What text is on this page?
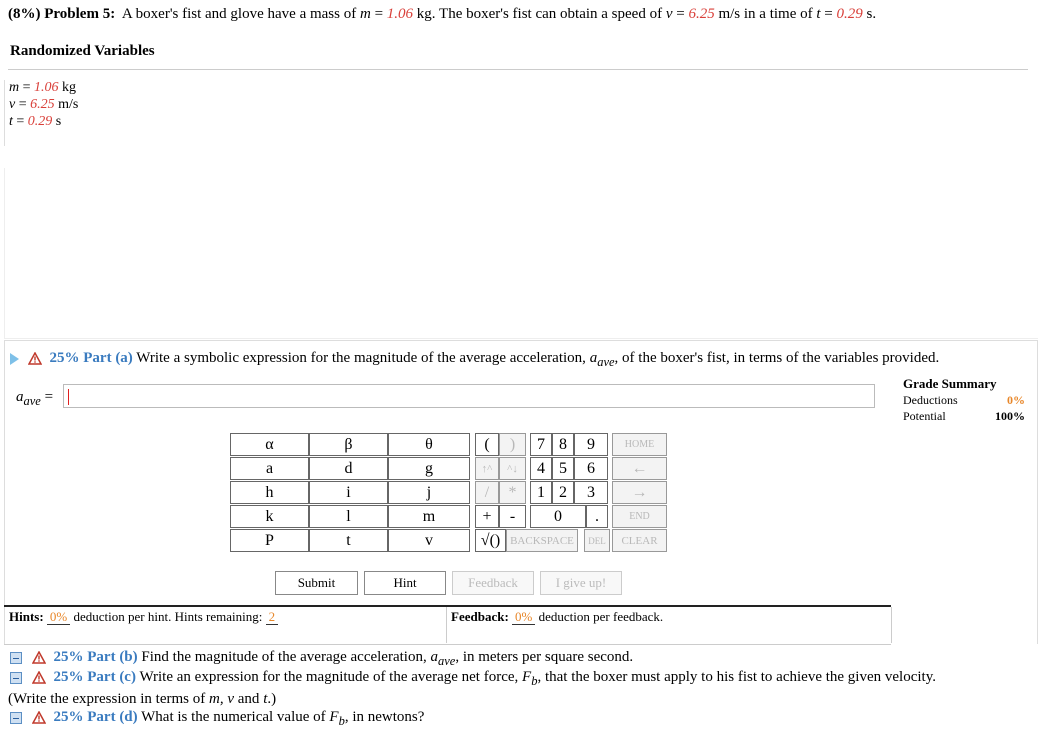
(8%) Problem 5: A boxer's fist and glove have a mass of m = 1.06 kg. The boxer's fist can obtain a speed of v = 6.25 m/s in a time of t = 0.29 s.
Randomized Variables
m = 1.06 kg
v = 6.25 m/s
t = 0.29 s
25% Part (a) Write a symbolic expression for the magnitude of the average acceleration, $a_{ave}$, of the boxer's fist, in terms of the variables provided.
$a_{ave}$ =
Grade Summary
Deductions	0%
Potential	100%
α	β	θ
a	d	g
h	i	j
k	l	m
P	t	v
(	)
↑^	^↓
/	*
+	-
√() BACKSPACE	DEL	CLEAR
7 8	9
4 5	6
1 2	3
0	.
HOME
←
→
END
Submit	Hint	Feedback	I give up!
Hints: 0% deduction per hint. Hints remaining: 2	Feedback: 0% deduction per feedback.
25% Part (b) Find the magnitude of the average acceleration, $a_{ave}$, in meters per square second.
25% Part (c) Write an expression for the magnitude of the average net force, $F_b$, that the boxer must apply to his fist to achieve the given velocity.
(Write the expression in terms of m, v and t.)
25% Part (d) What is the numerical value of $F_b$, in newtons?
